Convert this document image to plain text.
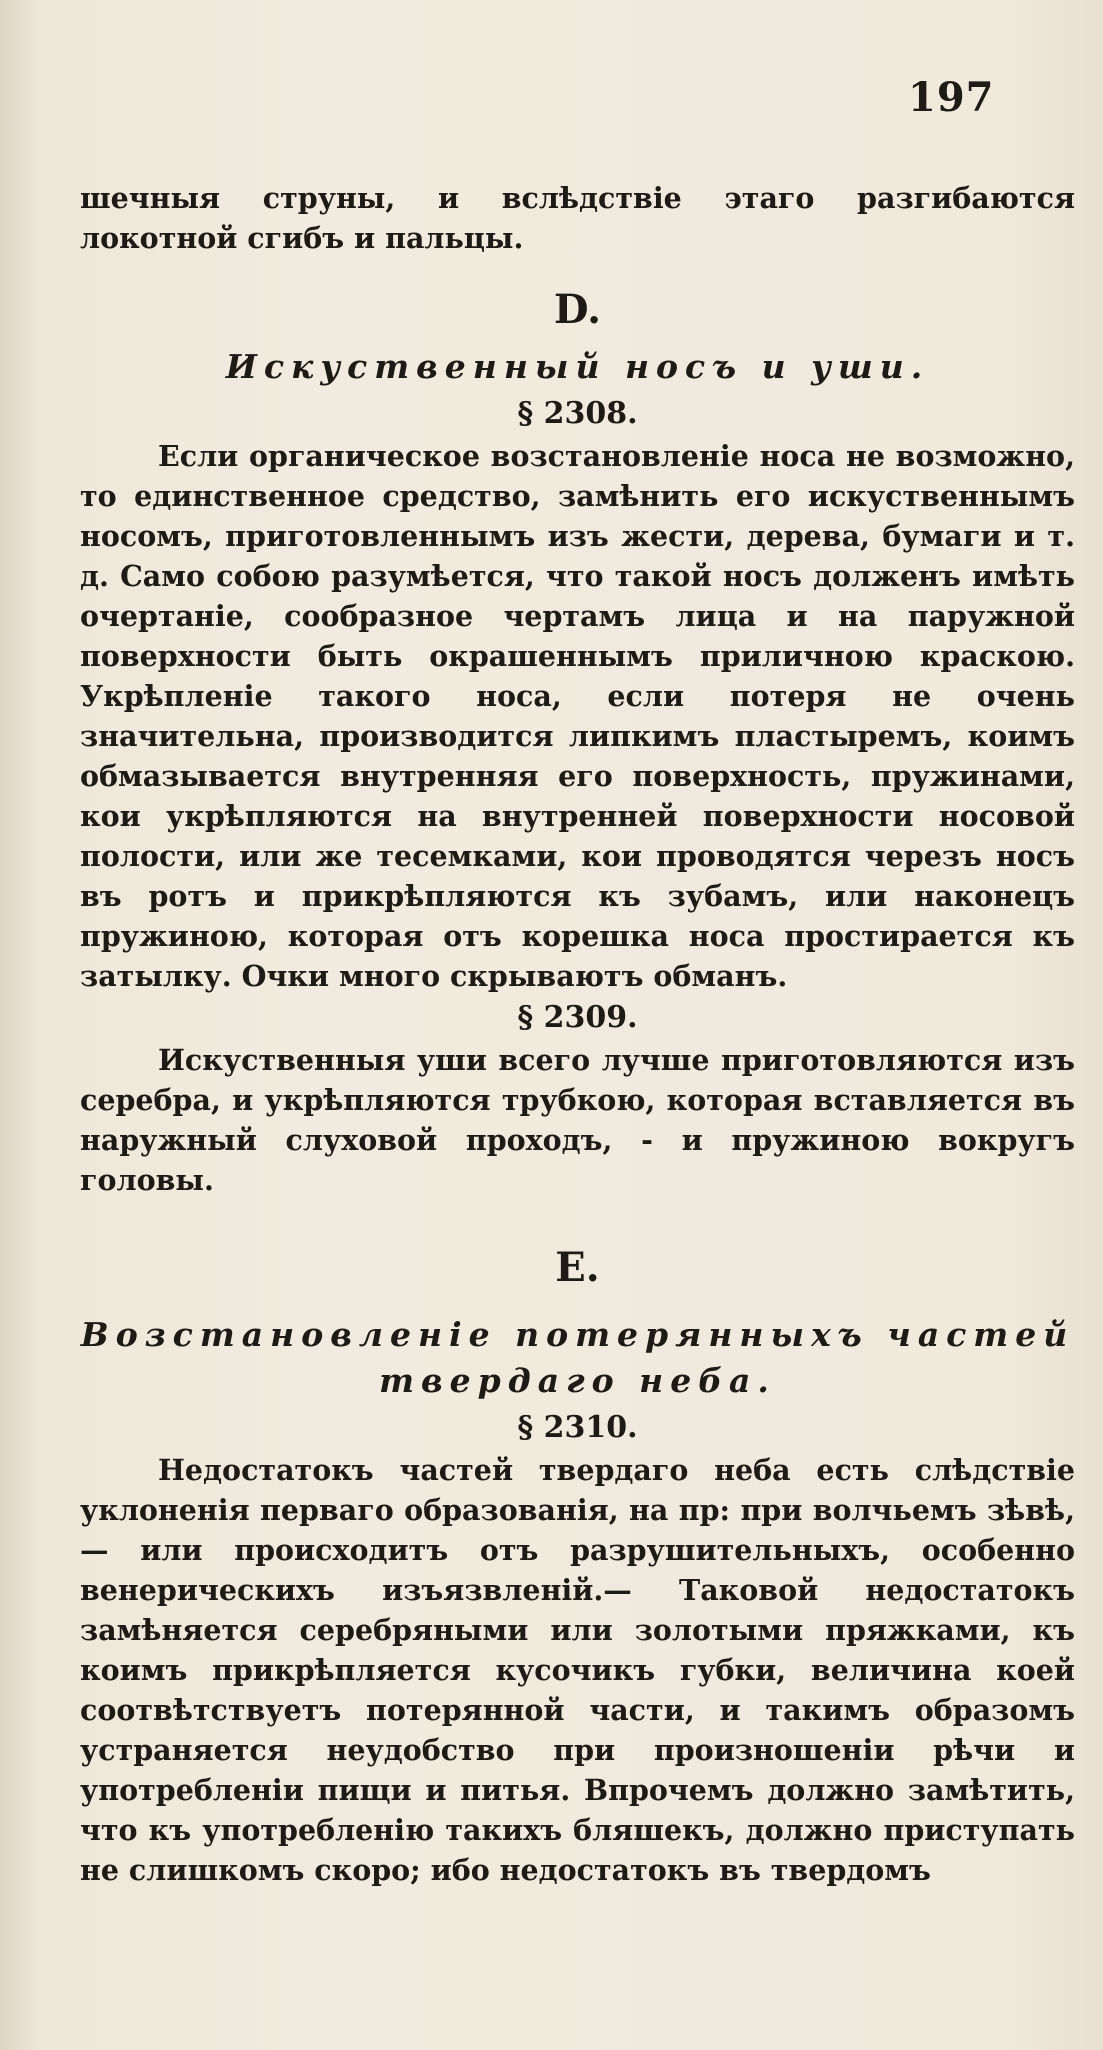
197

шечныя струны, и вслѣдствіе этаго разгибаются локотной сгибъ и пальцы.

D.
Искуственный носъ и уши.
§ 2308.

Если органическое возстановленіе носа не возможно, то единственное средство, замѣнить его искуственнымъ носомъ, приготовленнымъ изъ жести, дерева, бумаги и т. д. Само собою разумѣется, что такой носъ долженъ имѣть очертаніе, сообразное чертамъ лица и на паружной поверхности быть окрашеннымъ приличною краскою. Укрѣпленіе такого носа, если потеря не очень значительна, производится липкимъ пластыремъ, коимъ обмазывается внутренняя его поверхность, пружинами, кои укрѣпляются на внутренней поверхности носовой полости, или же тесемками, кои проводятся черезъ носъ въ ротъ и прикрѣпляются къ зубамъ, или наконецъ пружиною, которая отъ корешка носа простирается къ затылку. Очки много скрываютъ обманъ.

§ 2309.

Искуственныя уши всего лучше приготовляются изъ серебра, и укрѣпляются трубкою, которая вставляется въ наружный слуховой проходъ, - и пружиною вокругъ головы.

E.
Возстановленіе потерянныхъ частей твердаго неба.
§ 2310.

Недостатокъ частей твердаго неба есть слѣдствіе уклоненія перваго образованія, на пр: при волчьемъ зѣвѣ,— или происходитъ отъ разрушительныхъ, особенно венерическихъ изъязвленій.— Таковой недостатокъ замѣняется серебряными или золотыми пряжками, къ коимъ прикрѣпляется кусочикъ губки, величина коей соотвѣтствуетъ потерянной части, и такимъ образомъ устраняется неудобство при произношеніи рѣчи и употребленіи пищи и питья. Впрочемъ должно замѣтить, что къ употребленію такихъ бляшекъ, должно приступать не слишкомъ скоро; ибо недостатокъ въ твердомъ
